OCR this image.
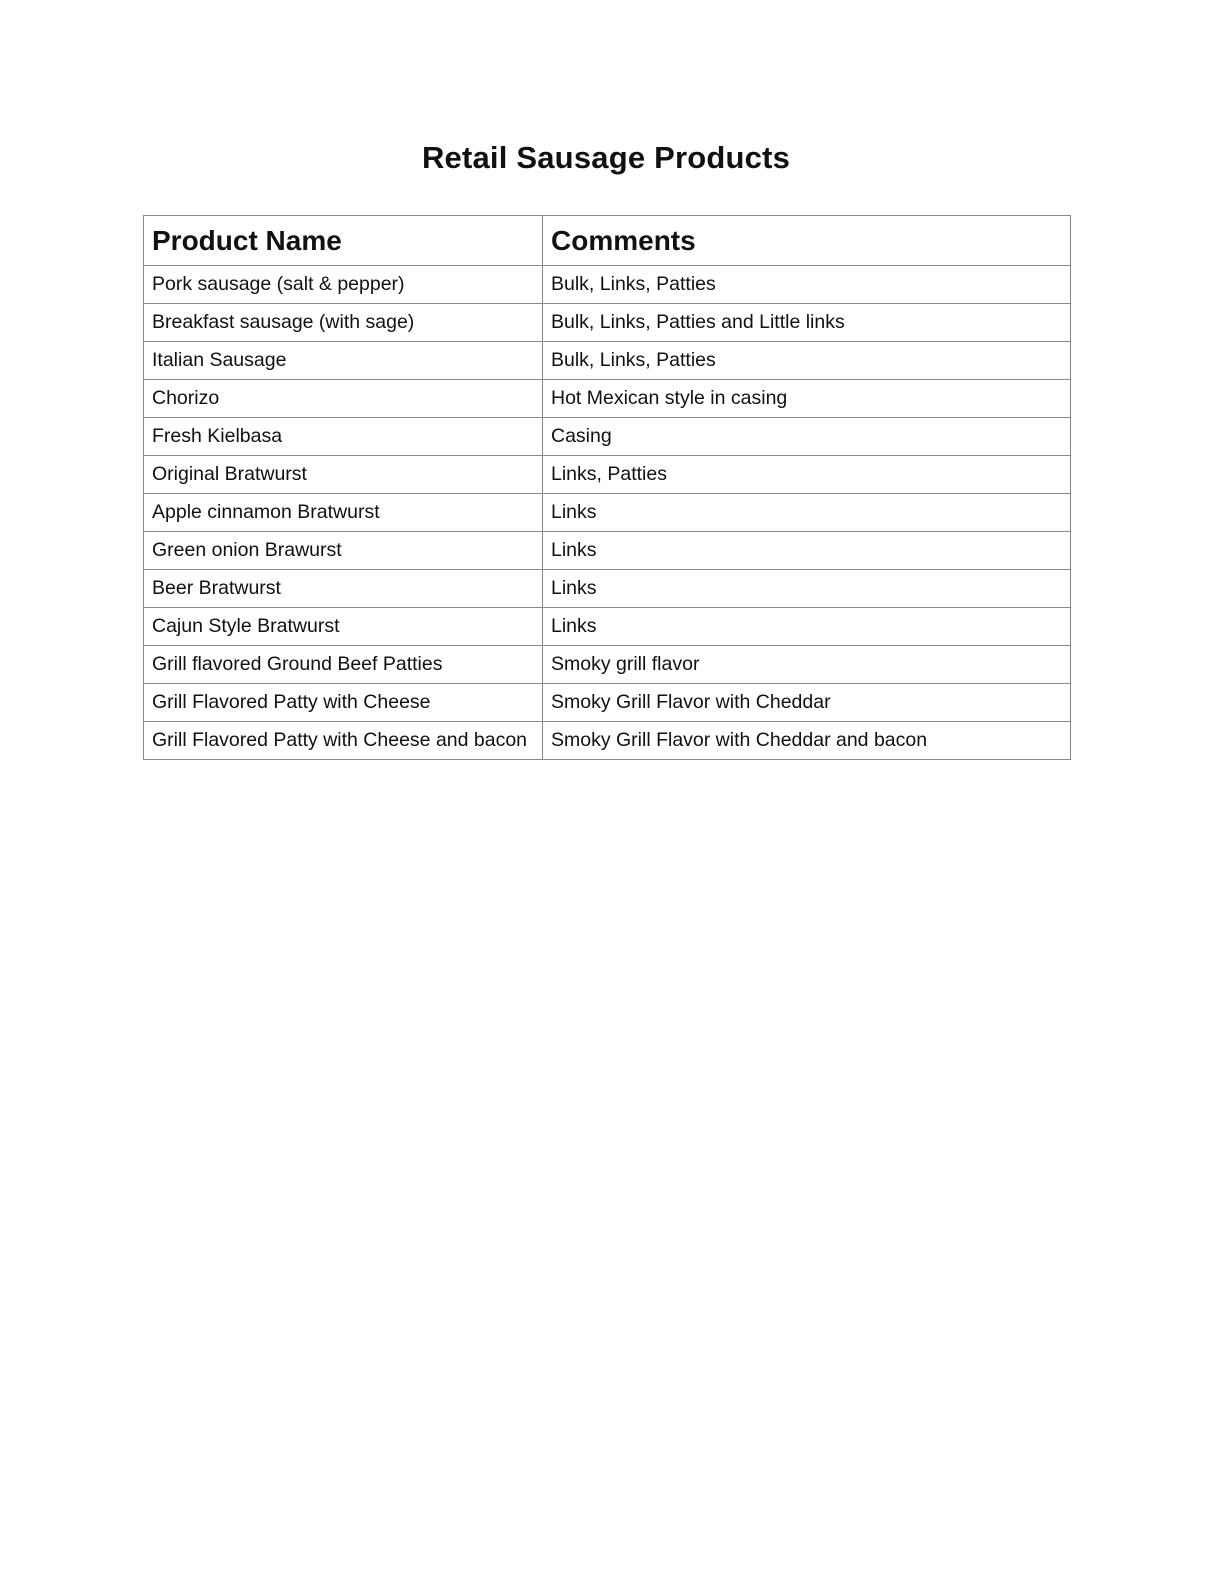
Retail Sausage Products
Product Name	Comments
Pork sausage (salt & pepper)	Bulk, Links, Patties
Breakfast sausage (with sage)	Bulk, Links, Patties and Little links
Italian Sausage	Bulk, Links, Patties
Chorizo	Hot Mexican style in casing
Fresh Kielbasa	Casing
Original Bratwurst	Links, Patties
Apple cinnamon Bratwurst	Links
Green onion Brawurst	Links
Beer Bratwurst	Links
Cajun Style Bratwurst	Links
Grill flavored Ground Beef Patties	Smoky grill flavor
Grill Flavored Patty with Cheese	Smoky Grill Flavor with Cheddar
Grill Flavored Patty with Cheese and bacon	Smoky Grill Flavor with Cheddar and bacon
